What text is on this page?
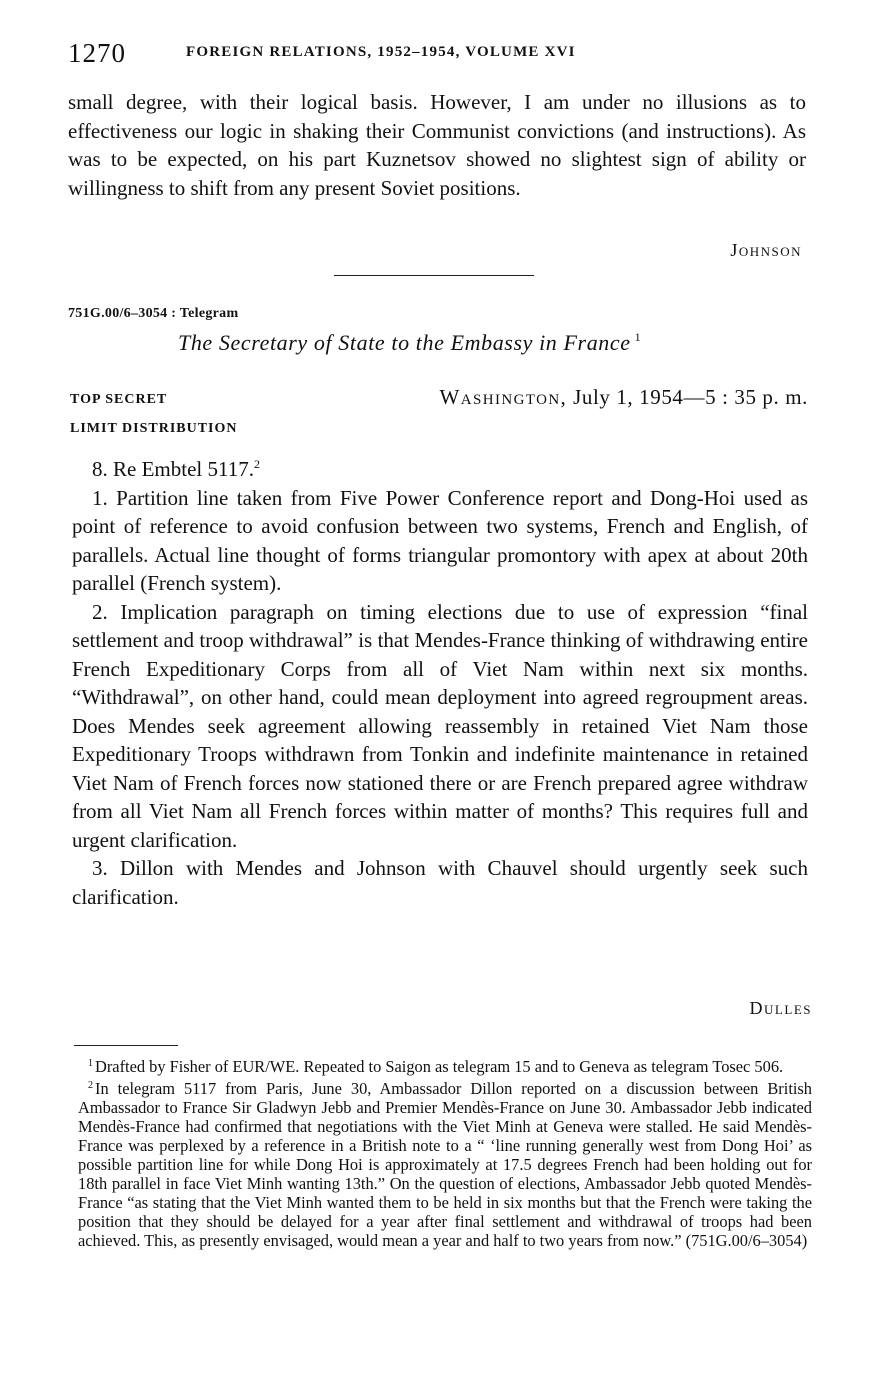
1270	FOREIGN RELATIONS, 1952–1954, VOLUME XVI

small degree, with their logical basis. However, I am under no illusions as to effectiveness our logic in shaking their Communist convictions (and instructions). As was to be expected, on his part Kuznetsov showed no slightest sign of ability or willingness to shift from any present Soviet positions.

Johnson
751G.00/6–3054 : Telegram
The Secretary of State to the Embassy in France $^1$
TOP SECRET
LIMIT DISTRIBUTION
Washington, July 1, 1954—5 : 35 p. m.

8. Re Embtel 5117.$^2$

1. Partition line taken from Five Power Conference report and Dong-Hoi used as point of reference to avoid confusion between two systems, French and English, of parallels. Actual line thought of forms triangular promontory with apex at about 20th parallel (French system).

2. Implication paragraph on timing elections due to use of expression “final settlement and troop withdrawal” is that Mendes-France thinking of withdrawing entire French Expeditionary Corps from all of Viet Nam within next six months. “Withdrawal”, on other hand, could mean deployment into agreed regroupment areas. Does Mendes seek agreement allowing reassembly in retained Viet Nam those Expeditionary Troops withdrawn from Tonkin and indefinite maintenance in retained Viet Nam of French forces now stationed there or are French prepared agree withdraw from all Viet Nam all French forces within matter of months? This requires full and urgent clarification.

3. Dillon with Mendes and Johnson with Chauvel should urgently seek such clarification.

Dulles

$^1$ Drafted by Fisher of EUR/WE. Repeated to Saigon as telegram 15 and to Geneva as telegram Tosec 506.

$^2$ In telegram 5117 from Paris, June 30, Ambassador Dillon reported on a discussion between British Ambassador to France Sir Gladwyn Jebb and Premier Mendès-France on June 30. Ambassador Jebb indicated Mendès-France had confirmed that negotiations with the Viet Minh at Geneva were stalled. He said Mendès-France was perplexed by a reference in a British note to a “ ‘line running generally west from Dong Hoi’ as possible partition line for while Dong Hoi is approximately at 17.5 degrees French had been holding out for 18th parallel in face Viet Minh wanting 13th.” On the question of elections, Ambassador Jebb quoted Mendès-France “as stating that the Viet Minh wanted them to be held in six months but that the French were taking the position that they should be delayed for a year after final settlement and withdrawal of troops had been achieved. This, as presently envisaged, would mean a year and half to two years from now.” (751G.00/6–3054)
